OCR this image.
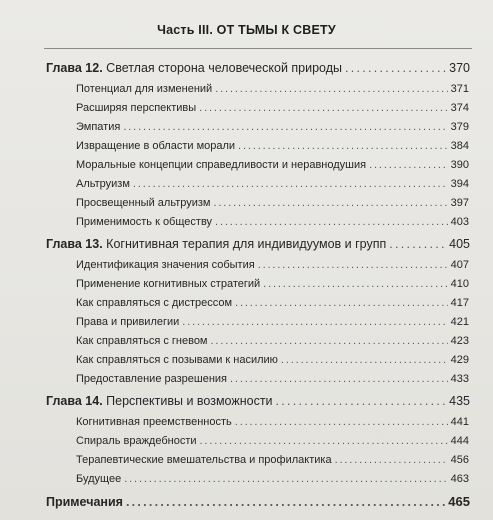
Часть III. ОТ ТЬМЫ К СВЕТУ
Глава 12. Светлая сторона человеческой природы . . .	370
Потенциал для изменений . . .	371
Расширяя перспективы . . .	374
Эмпатия . . .	379
Извращение в области морали . . .	384
Моральные концепции справедливости и неравнодушия . . .	390
Альтруизм . . .	394
Просвещенный альтруизм . . .	397
Применимость к обществу . . .	403
Глава 13. Когнитивная терапия для индивидуумов и групп . . .	405
Идентификация значения события . . .	407
Применение когнитивных стратегий . . .	410
Как справляться с дистрессом . . .	417
Права и привилегии . . .	421
Как справляться с гневом . . .	423
Как справляться с позывами к насилию . . .	429
Предоставление разрешения . . .	433
Глава 14. Перспективы и возможности . . .	435
Когнитивная преемственность . . .	441
Спираль враждебности . . .	444
Терапевтические вмешательства и профилактика . . .	456
Будущее . . .	463
Примечания . . .	465
